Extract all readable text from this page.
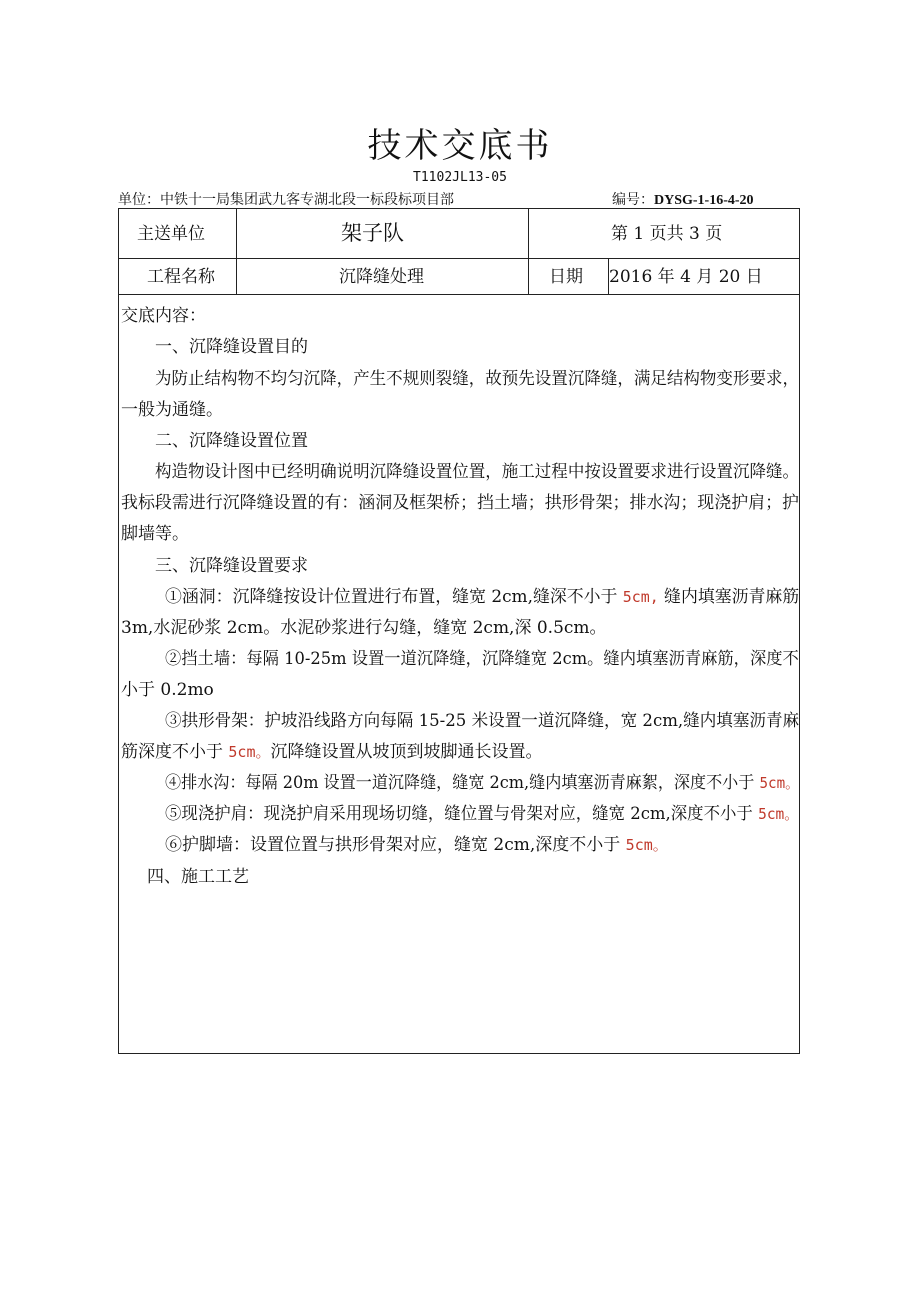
技术交底书
T1102JL13-05
单位：中铁十一局集团武九客专湖北段一标段标项目部	编号：DYSG-1-16-4-20
主送单位	架子队	第 1 页共 3 页
工程名称	沉降缝处理	日期 2016 年 4 月 20 日
交底内容：
一、沉降缝设置目的
为防止结构物不均匀沉降，产生不规则裂缝，故预先设置沉降缝，满足结构物变形要求，
一般为通缝。
二、沉降缝设置位置
构造物设计图中已经明确说明沉降缝设置位置，施工过程中按设置要求进行设置沉降缝。
我标段需进行沉降缝设置的有：涵洞及框架桥；挡土墙；拱形骨架；排水沟；现浇护肩；护
脚墙等。
三、沉降缝设置要求
①涵洞：沉降缝按设计位置进行布置，缝宽 2cm,缝深不小于 5cm, 缝内填塞沥青麻筋
3m,水泥砂浆 2cm。水泥砂浆进行勾缝，缝宽 2cm,深 0.5cm。
②挡土墙：每隔 10-25m 设置一道沉降缝，沉降缝宽 2cm。缝内填塞沥青麻筋，深度不
小于 0.2mo
③拱形骨架：护坡沿线路方向每隔 15-25 米设置一道沉降缝，宽 2cm,缝内填塞沥青麻
筋深度不小于 5cm。沉降缝设置从坡顶到坡脚通长设置。
④排水沟：每隔 20m 设置一道沉降缝，缝宽 2cm,缝内填塞沥青麻絮，深度不小于 5cm。
⑤现浇护肩：现浇护肩采用现场切缝，缝位置与骨架对应，缝宽 2cm,深度不小于 5cm。
⑥护脚墙：设置位置与拱形骨架对应，缝宽 2cm,深度不小于 5cm。
四、施工工艺
